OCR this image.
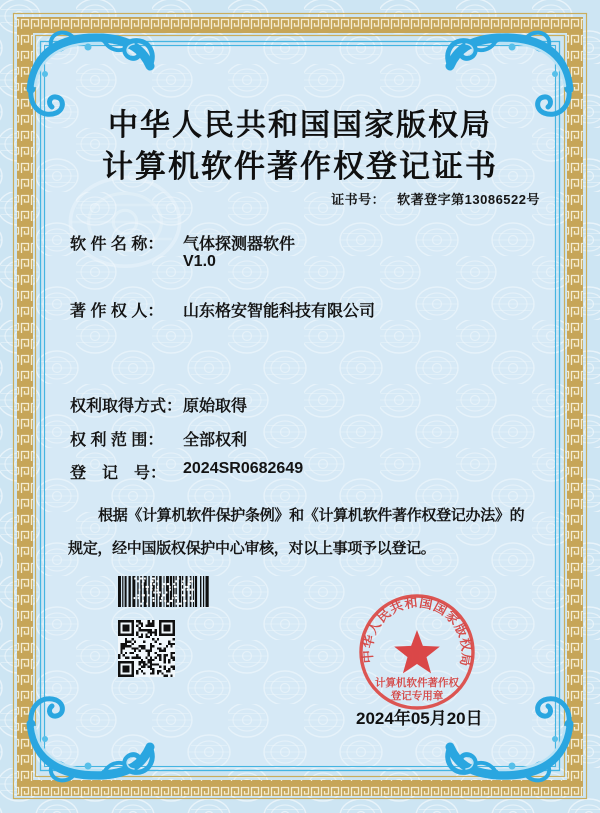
中华人民共和国国家版权局
计算机软件著作权登记证书
证书号： 软著登字第13086522号
软 件 名 称： 气体探测器软件
V1.0
著 作 权 人： 山东格安智能科技有限公司
权利取得方式： 原始取得
权 利 范 围： 全部权利
登　记　号： 2024SR0682649
根据《计算机软件保护条例》和《计算机软件著作权登记办法》的
规定，经中国版权保护中心审核，对以上事项予以登记。
中华人民共和国国家版权局
计算机软件著作权
登记专用章
2024年05月20日
